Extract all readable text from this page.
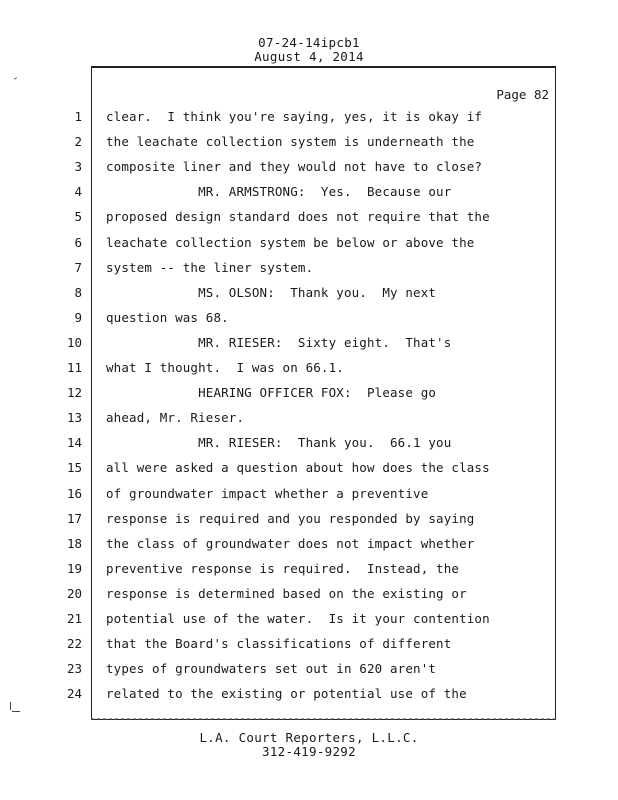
07-24-14ipcb1
August 4, 2014
Page 82
1 clear.  I think you're saying, yes, it is okay if
2 the leachate collection system is underneath the
3 composite liner and they would not have to close?
4 MR. ARMSTRONG:  Yes.  Because our
5 proposed design standard does not require that the
6 leachate collection system be below or above the
7 system -- the liner system.
8 MS. OLSON:  Thank you.  My next
9 question was 68.
10 MR. RIESER:  Sixty eight.  That's
11 what I thought.  I was on 66.1.
12 HEARING OFFICER FOX:  Please go
13 ahead, Mr. Rieser.
14 MR. RIESER:  Thank you.  66.1 you
15 all were asked a question about how does the class
16 of groundwater impact whether a preventive
17 response is required and you responded by saying
18 the class of groundwater does not impact whether
19 preventive response is required.  Instead, the
20 response is determined based on the existing or
21 potential use of the water.  Is it your contention
22 that the Board's classifications of different
23 types of groundwaters set out in 620 aren't
24 related to the existing or potential use of the
L.A. Court Reporters, L.L.C.
312-419-9292
